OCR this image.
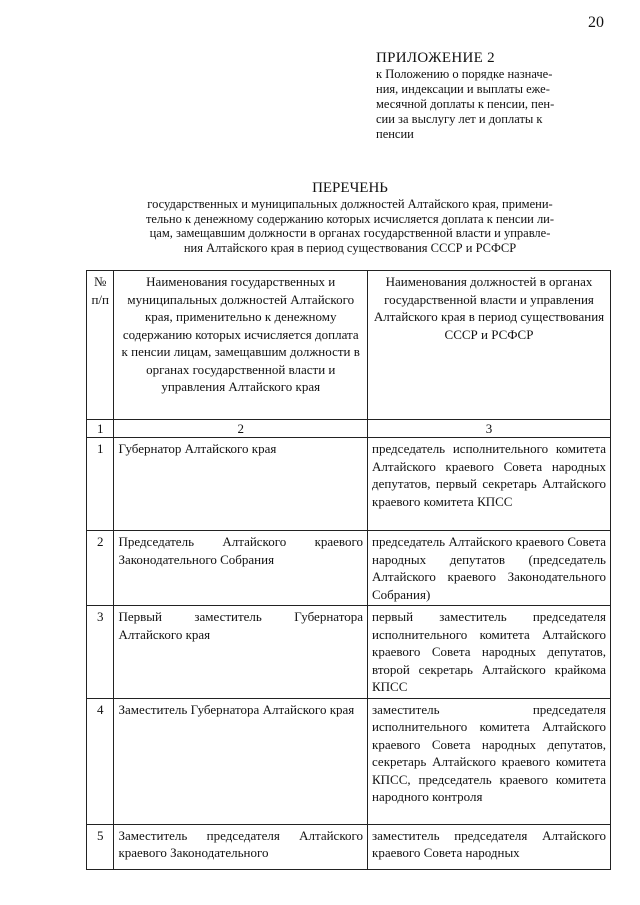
20
ПРИЛОЖЕНИЕ 2
к Положению о порядке назначе-
ния, индексации и выплаты еже-
месячной доплаты к пенсии, пен-
сии за выслугу лет и доплаты к
пенсии
ПЕРЕЧЕНЬ
государственных и муниципальных должностей Алтайского края, примени-
тельно к денежному содержанию которых исчисляется доплата к пенсии ли-
цам, замещавшим должности в органах государственной власти и управле-
ния Алтайского края в период существования СССР и РСФСР
№ п/п	Наименования государственных и муниципальных должностей Алтайского края, применительно к денежному содержанию которых исчисляется доплата к пенсии лицам, замещавшим должности в органах государственной власти и управления Алтайского края	Наименования должностей в органах государственной власти и управления Алтайского края в период существования СССР и РСФСР
1	2	3
1	Губернатор Алтайского края	председатель исполнительного комитета Алтайского краевого Совета народных депутатов, первый секретарь Алтайского краевого комитета КПСС
2	Председатель Алтайского краевого Законодательного Собрания	председатель Алтайского краевого Совета народных депутатов (председатель Алтайского краевого Законодательного Собрания)
3	Первый заместитель Губернатора Алтайского края	первый заместитель председателя исполнительного комитета Алтайского краевого Совета народных депутатов, второй секретарь Алтайского крайкома КПСС
4	Заместитель Губернатора Алтайского края	заместитель председателя исполнительного комитета Алтайского краевого Совета народных депутатов, секретарь Алтайского краевого комитета КПСС, председатель краевого комитета народного контроля
5	Заместитель председателя Алтайского краевого Законодательного	заместитель председателя Алтайского краевого Совета народных
